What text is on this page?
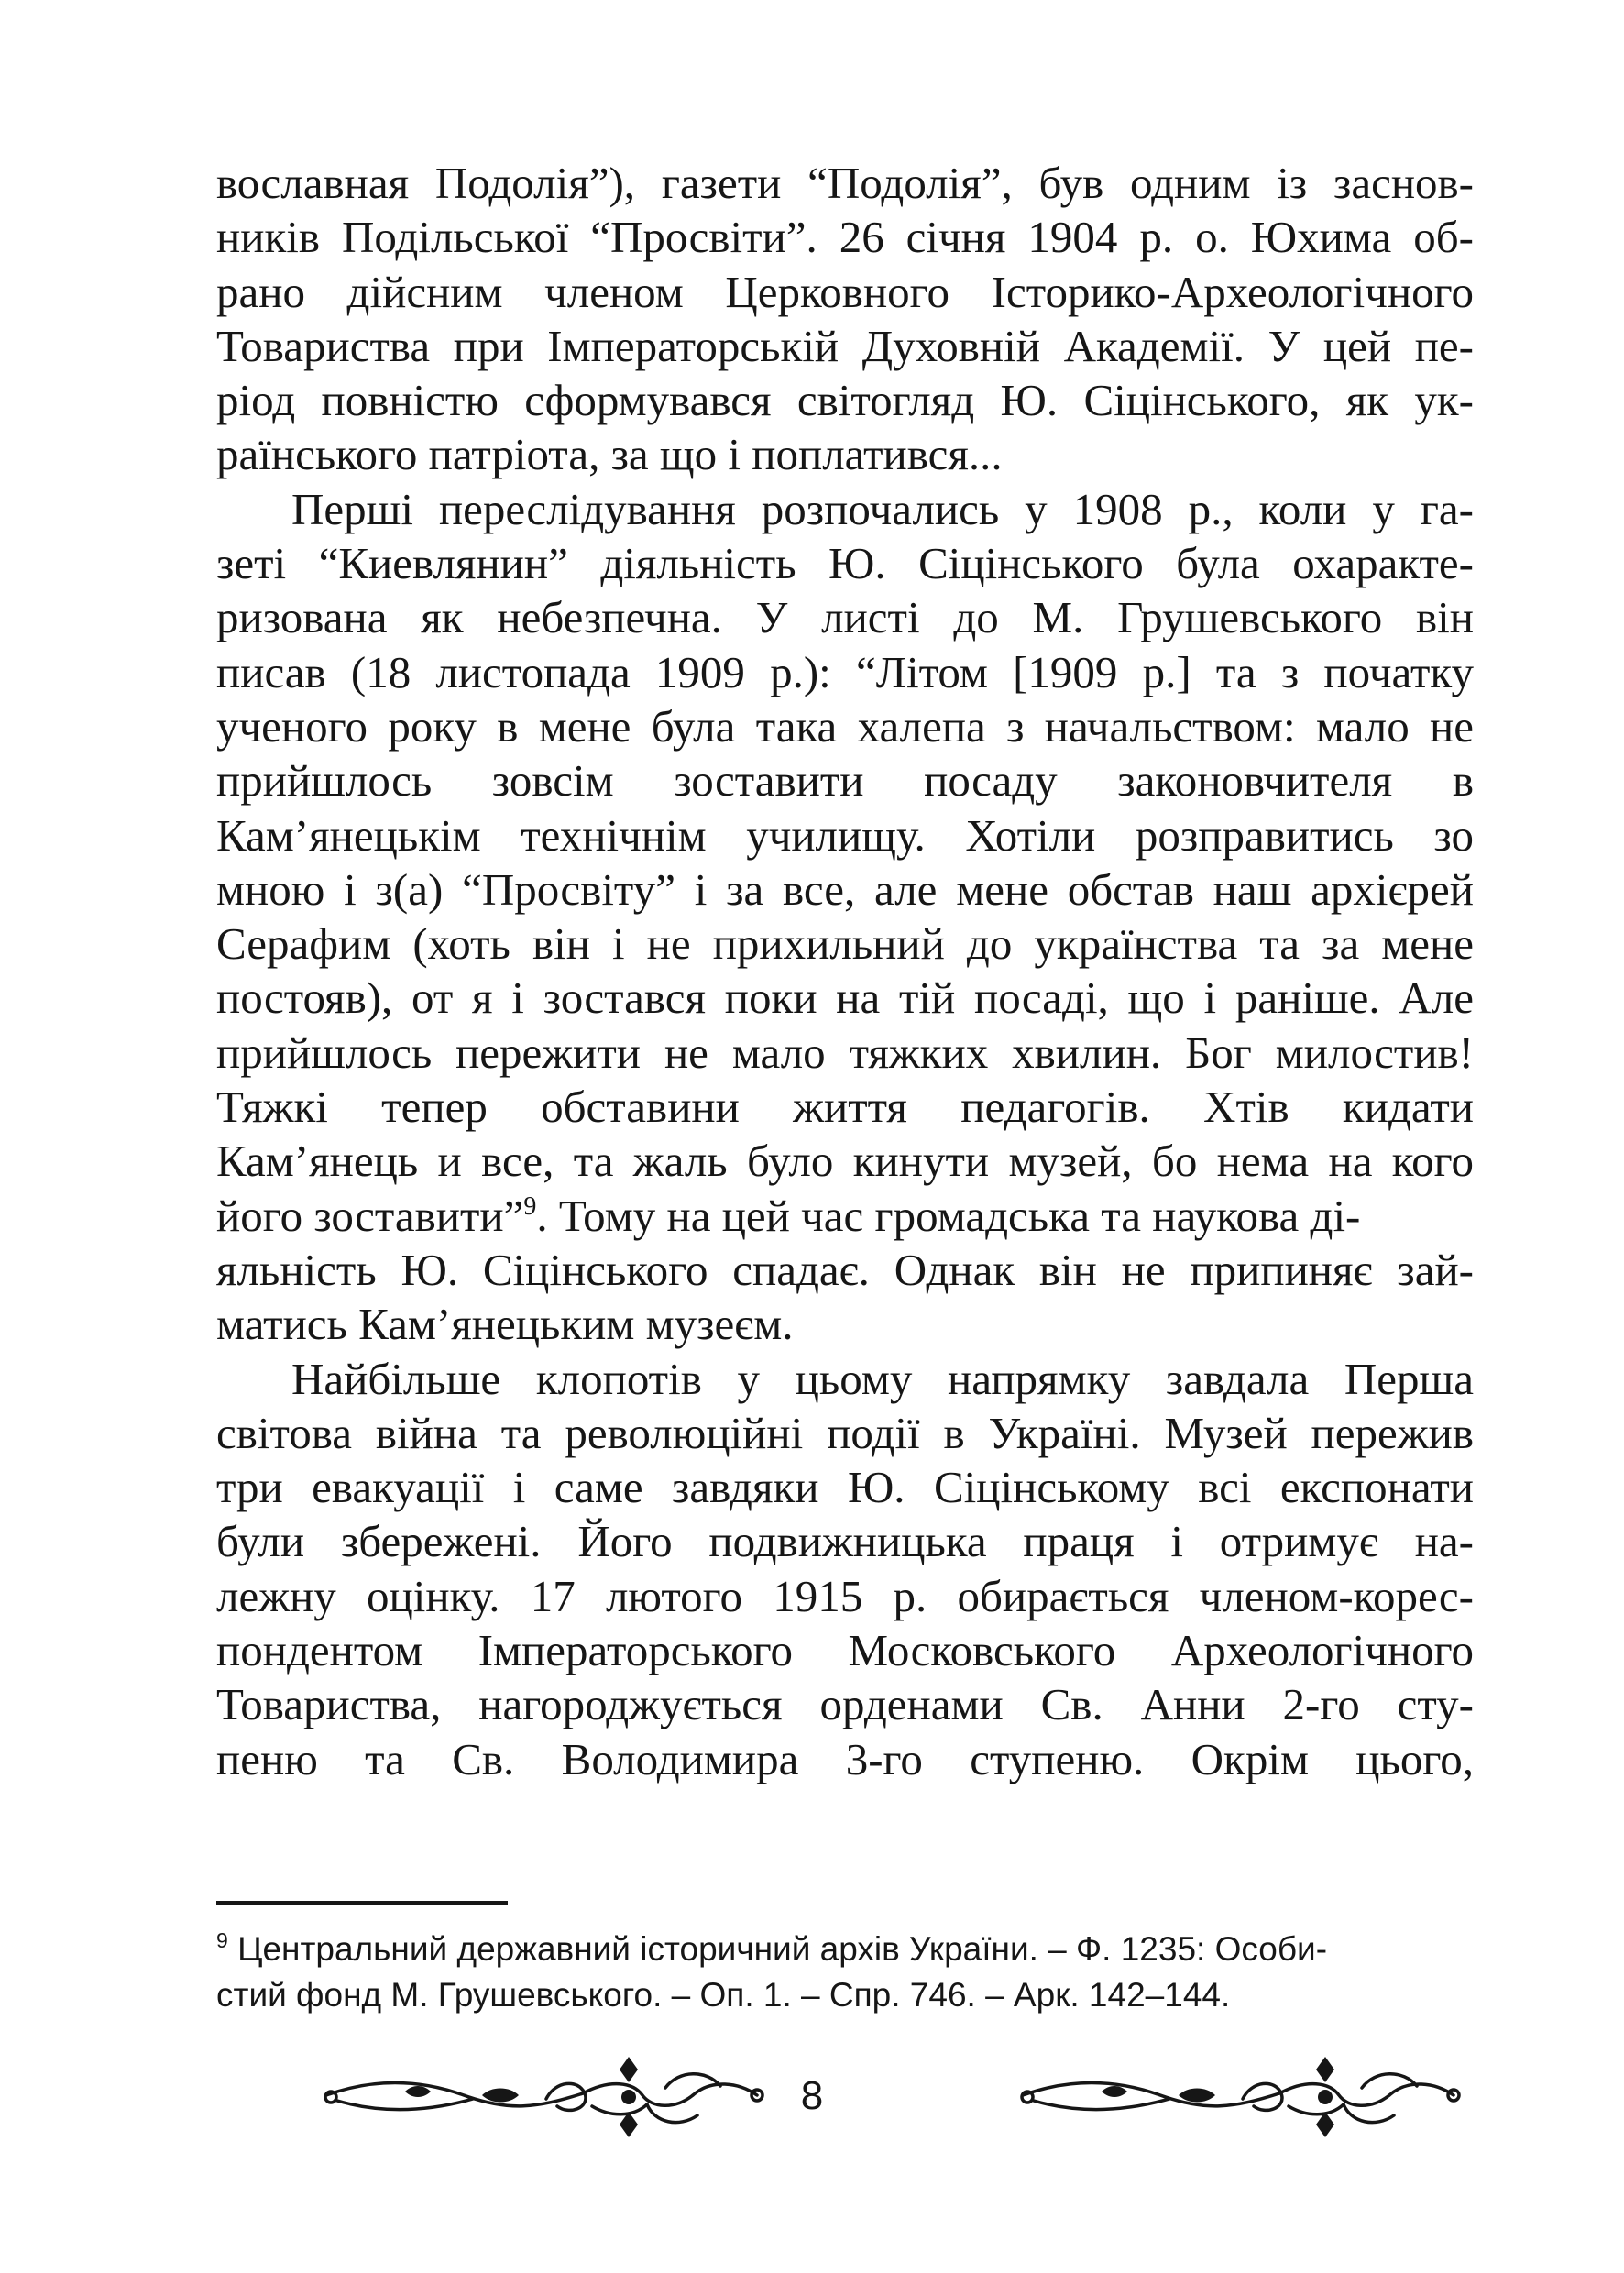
вославная Подолія”), газети “Подолія”, був одним із заснов-
ників Подільської “Просвіти”. 26 січня 1904 р. о. Юхима об-
рано дійсним членом Церковного Історико-Археологічного
Товариства при Імператорській Духовній Академії. У цей пе-
ріод повністю сформувався світогляд Ю. Сіцінського, як ук-
раїнського патріота, за що і поплатився...
Перші переслідування розпочались у 1908 р., коли у га-
зеті “Киевлянин” діяльність Ю. Сіцінського була охаракте-
ризована як небезпечна. У листі до М. Грушевського він
писав (18 листопада 1909 р.): “Літом [1909 р.] та з початку
ученого року в мене була така халепа з начальством: мало не
прийшлось зовсім зоставити посаду законовчителя в
Кам’янецькім технічнім училищу. Хотіли розправитись зо
мною і з(а) “Просвіту” і за все, але мене обстав наш архієрей
Серафим (хоть він і не прихильний до українства та за мене
постояв), от я і зостався поки на тій посаді, що і раніше. Але
прийшлось пережити не мало тяжких хвилин. Бог милостив!
Тяжкі тепер обставини життя педагогів. Хтів кидати
Кам’янець и все, та жаль було кинути музей, бо нема на кого
його зоставити”$^9$. Тому на цей час громадська та наукова ді-
яльність Ю. Сіцінського спадає. Однак він не припиняє зай-
матись Кам’янецьким музеєм.
Найбільше клопотів у цьому напрямку завдала Перша
світова війна та революційні події в Україні. Музей пережив
три евакуації і саме завдяки Ю. Сіцінському всі експонати
були збережені. Його подвижницька праця і отримує на-
лежну оцінку. 17 лютого 1915 р. обирається членом-корес-
пондентом Імператорського Московського Археологічного
Товариства, нагороджується орденами Св. Анни 2-го сту-
пеню та Св. Володимира 3-го ступеню. Окрім цього,
$^9$ Центральний державний історичний архів України. – Ф. 1235: Особи-
стий фонд М. Грушевського. – Оп. 1. – Спр. 746. – Арк. 142–144.
8
